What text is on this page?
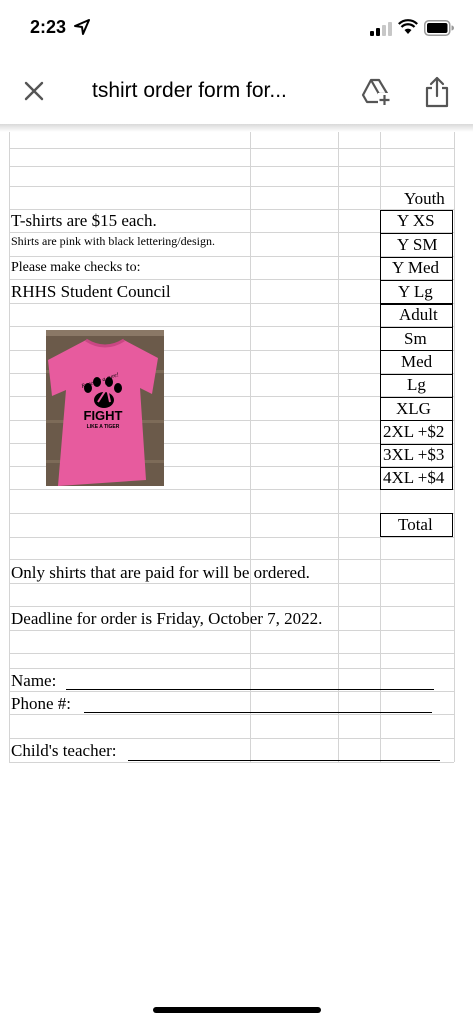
2:23
tshirt order form for...
T-shirts are $15 each.
Shirts are pink with black lettering/design.
Please make checks to:
RHHS Student Council
Only shirts that are paid for will be ordered.
Deadline for order is Friday, October 7, 2022.
Name:
Phone #:
Child's teacher:
a cure!
FIGHT
LIKE A TIGER
Youth
Y XS
Y SM
Y Med
Y Lg
Adult
Sm
Med
Lg
XLG
2XL +$2
3XL +$3
4XL +$4
Total
